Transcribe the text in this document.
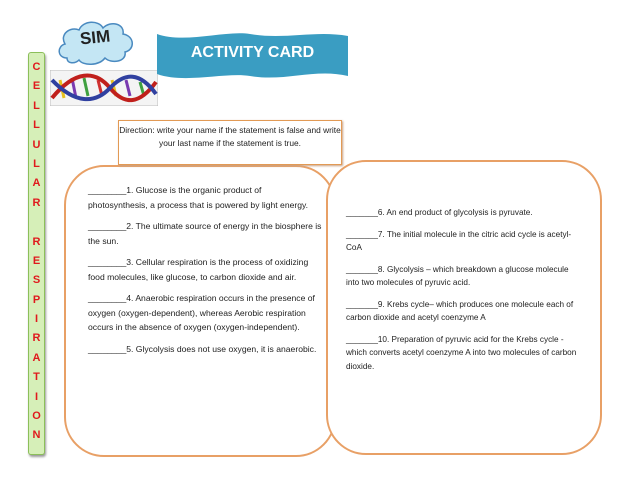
C
E
L
L
U
L
A
R
R
E
S
P
I
R
A
T
I
O
N
SIM
ACTIVITY CARD
Direction: write your name if the statement is false and write your last name if the statement is true.
________1. Glucose is the organic product of photosynthesis, a process that is powered by light energy.
________2. The ultimate source of energy in the biosphere is the sun.
________3. Cellular respiration is the process of oxidizing food molecules, like glucose, to carbon dioxide and air.
________4. Anaerobic respiration occurs in the presence of oxygen (oxygen-dependent), whereas Aerobic respiration occurs in the absence of oxygen (oxygen-independent).
________5. Glycolysis does not use oxygen, it is anaerobic.
_______6. An end product of glycolysis is pyruvate.
_______7. The initial molecule in the citric acid cycle is acetyl-CoA
_______8. Glycolysis – which breakdown a glucose molecule into two molecules of pyruvic acid.
_______9. Krebs cycle– which produces one molecule each of carbon dioxide and acetyl coenzyme A
_______10. Preparation of pyruvic acid for the Krebs cycle - which converts acetyl coenzyme A into two molecules of carbon dioxide.
